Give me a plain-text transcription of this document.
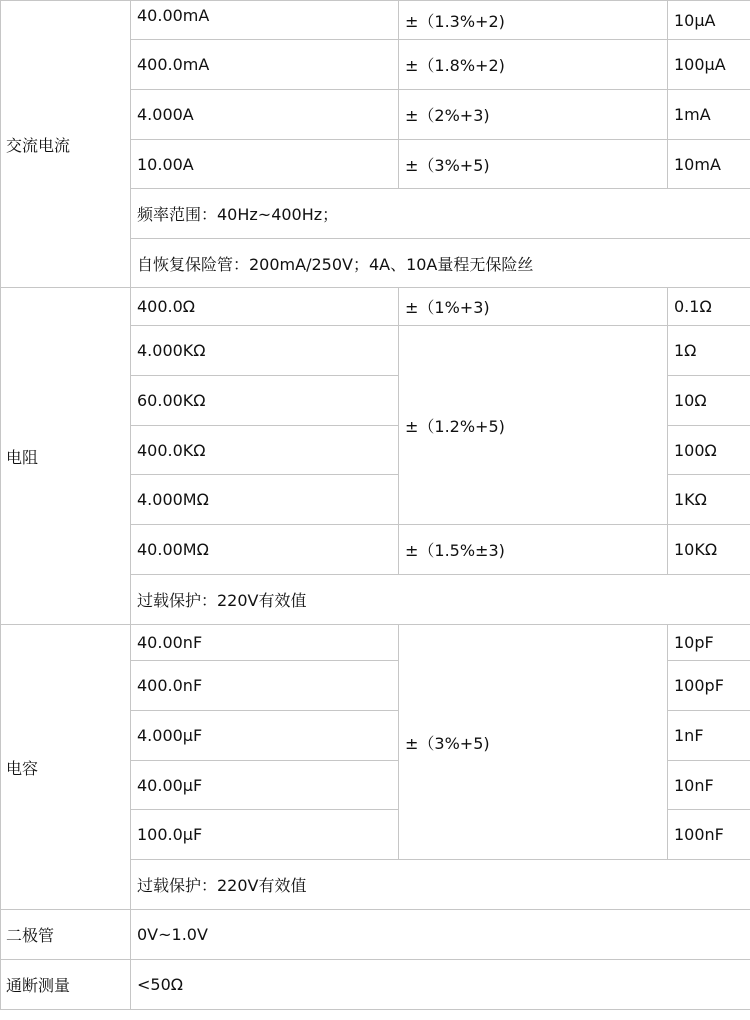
交流电流	40.00mA	±（1.3%+2)	10μA
	400.0mA	±（1.8%+2)	100μA
	4.000A	±（2%+3)	1mA
	10.00A	±（3%+5)	10mA
	频率范围：40Hz~400Hz；		
	自恢复保险管：200mA/250V；4A、10A量程无保险丝		
电阻	400.0Ω	±（1%+3)	0.1Ω
	4.000KΩ	±（1.2%+5)	1Ω
	60.00KΩ		10Ω
	400.0KΩ		100Ω
	4.000MΩ		1KΩ
	40.00MΩ	±（1.5%±3)	10KΩ
	过载保护：220V有效值		
电容	40.00nF	±（3%+5)	10pF
	400.0nF		100pF
	4.000μF		1nF
	40.00μF		10nF
	100.0μF		100nF
	过载保护：220V有效值		
二极管	0V~1.0V		
通断测量	<50Ω		
